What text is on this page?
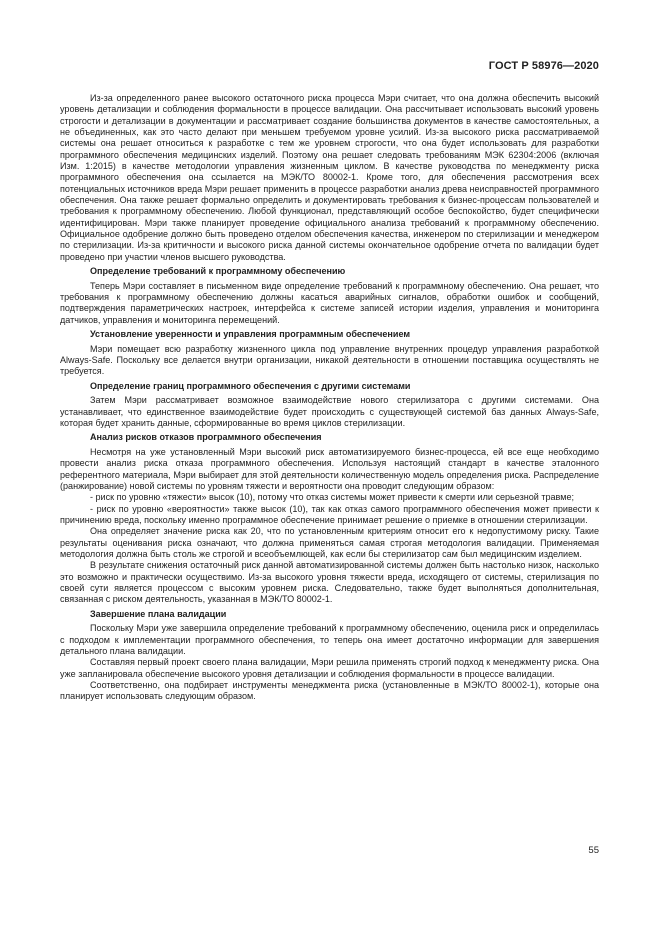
ГОСТ Р 58976—2020

Из-за определенного ранее высокого остаточного риска процесса Мэри считает, что она должна обеспечить высокий уровень детализации и соблюдения формальности в процессе валидации. Она рассчитывает использовать высокий уровень строгости и детализации в документации и рассматривает создание большинства документов в качестве самостоятельных, а не объединенных, как это часто делают при меньшем требуемом уровне усилий. Из-за высокого риска рассматриваемой системы она решает относиться к разработке с тем же уровнем строгости, что она будет использовать для разработки программного обеспечения медицинских изделий. Поэтому она решает следовать требованиям МЭК 62304:2006 (включая Изм. 1:2015) в качестве методологии управления жизненным циклом. В качестве руководства по менеджменту риска программного обеспечения она ссылается на МЭК/ТО 80002-1. Кроме того, для обеспечения рассмотрения всех потенциальных источников вреда Мэри решает применить в процессе разработки анализ древа неисправностей программного обеспечения. Она также решает формально определить и документировать требования к бизнес-процессам пользователей и требования к программному обеспечению. Любой функционал, представляющий особое беспокойство, будет специфически идентифицирован. Мэри также планирует проведение официального анализа требований к программному обеспечению. Официальное одобрение должно быть проведено отделом обеспечения качества, инженером по стерилизации и менеджером по стерилизации. Из-за критичности и высокого риска данной системы окончательное одобрение отчета по валидации будет проведено при участии членов высшего руководства.

Определение требований к программному обеспечению

Теперь Мэри составляет в письменном виде определение требований к программному обеспечению. Она решает, что требования к программному обеспечению должны касаться аварийных сигналов, обработки ошибок и сообщений, подтверждения параметрических настроек, интерфейса к системе записей истории изделия, управления и мониторинга датчиков, управления и мониторинга перемещений.

Установление уверенности и управления программным обеспечением

Мэри помещает всю разработку жизненного цикла под управление внутренних процедур управления разработкой Always-Safe. Поскольку все делается внутри организации, никакой деятельности в отношении поставщика осуществлять не требуется.

Определение границ программного обеспечения с другими системами

Затем Мэри рассматривает возможное взаимодействие нового стерилизатора с другими системами. Она устанавливает, что единственное взаимодействие будет происходить с существующей системой баз данных Always-Safe, которая будет хранить данные, сформированные во время циклов стерилизации.

Анализ рисков отказов программного обеспечения

Несмотря на уже установленный Мэри высокий риск автоматизируемого бизнес-процесса, ей все еще необходимо провести анализ риска отказа программного обеспечения. Используя настоящий стандарт в качестве эталонного референтного материала, Мэри выбирает для этой деятельности количественную модель определения риска. Распределение (ранжирование) новой системы по уровням тяжести и вероятности она проводит следующим образом:

- риск по уровню «тяжести» высок (10), потому что отказ системы может привести к смерти или серьезной травме;

- риск по уровню «вероятности» также высок (10), так как отказ самого программного обеспечения может привести к причинению вреда, поскольку именно программное обеспечение принимает решение о приемке в отношении стерилизации.

Она определяет значение риска как 20, что по установленным критериям относит его к недопустимому риску. Такие результаты оценивания риска означают, что должна применяться самая строгая методология валидации. Применяемая методология должна быть столь же строгой и всеобъемлющей, как если бы стерилизатор сам был медицинским изделием.

В результате снижения остаточный риск данной автоматизированной системы должен быть настолько низок, насколько это возможно и практически осуществимо. Из-за высокого уровня тяжести вреда, исходящего от системы, стерилизация по своей сути является процессом с высоким уровнем риска. Следовательно, также будет выполняться дополнительная, связанная с риском деятельность, указанная в МЭК/ТО 80002-1.

Завершение плана валидации

Поскольку Мэри уже завершила определение требований к программному обеспечению, оценила риск и определилась с подходом к имплементации программного обеспечения, то теперь она имеет достаточно информации для завершения детального плана валидации.

Составляя первый проект своего плана валидации, Мэри решила применять строгий подход к менеджменту риска. Она уже запланировала обеспечение высокого уровня детализации и соблюдения формальности в процессе валидации.

Соответственно, она подбирает инструменты менеджмента риска (установленные в МЭК/ТО 80002-1), которые она планирует использовать следующим образом.

55
